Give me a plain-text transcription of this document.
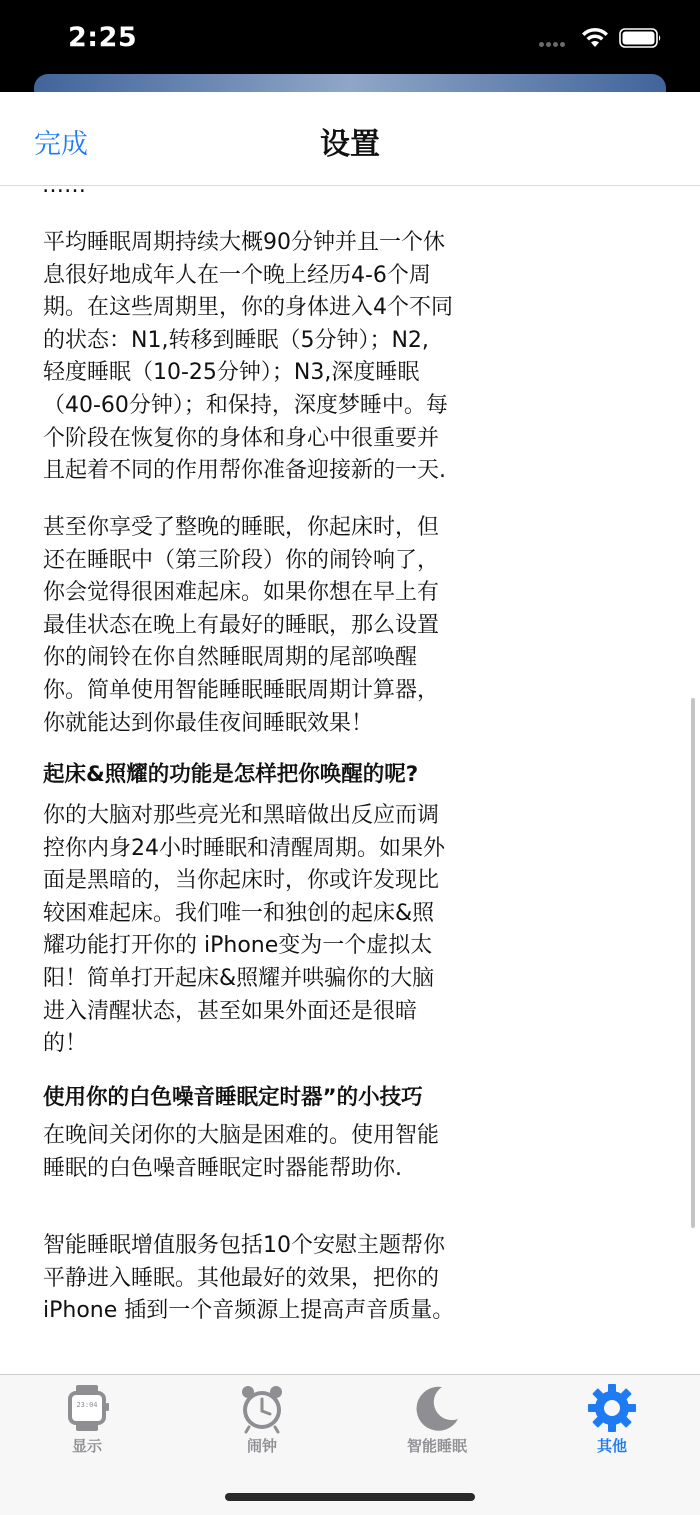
2:25
完成	设置
……
平均睡眠周期持续大概90分钟并且一个休
息很好地成年人在一个晚上经历4-6个周
期。在这些周期里，你的身体进入4个不同
的状态：N1,转移到睡眠（5分钟）；N2,
轻度睡眠（10-25分钟）；N3,深度睡眠
（40-60分钟）；和保持，深度梦睡中。每
个阶段在恢复你的身体和身心中很重要并
且起着不同的作用帮你准备迎接新的一天.
甚至你享受了整晚的睡眠，你起床时，但
还在睡眠中（第三阶段）你的闹铃响了，
你会觉得很困难起床。如果你想在早上有
最佳状态在晚上有最好的睡眠，那么设置
你的闹铃在你自然睡眠周期的尾部唤醒
你。简单使用智能睡眠睡眠周期计算器，
你就能达到你最佳夜间睡眠效果！
起床&照耀的功能是怎样把你唤醒的呢?
你的大脑对那些亮光和黑暗做出反应而调
控你内身24小时睡眠和清醒周期。如果外
面是黑暗的，当你起床时，你或许发现比
较困难起床。我们唯一和独创的起床&照
耀功能打开你的 iPhone变为一个虚拟太
阳！简单打开起床&照耀并哄骗你的大脑
进入清醒状态，甚至如果外面还是很暗
的！
使用你的白色噪音睡眠定时器”的小技巧
在晚间关闭你的大脑是困难的。使用智能
睡眠的白色噪音睡眠定时器能帮助你.
智能睡眠增值服务包括10个安慰主题帮你
平静进入睡眠。其他最好的效果，把你的
iPhone 插到一个音频源上提高声音质量。
23:04
显示	闹钟	智能睡眠	其他
